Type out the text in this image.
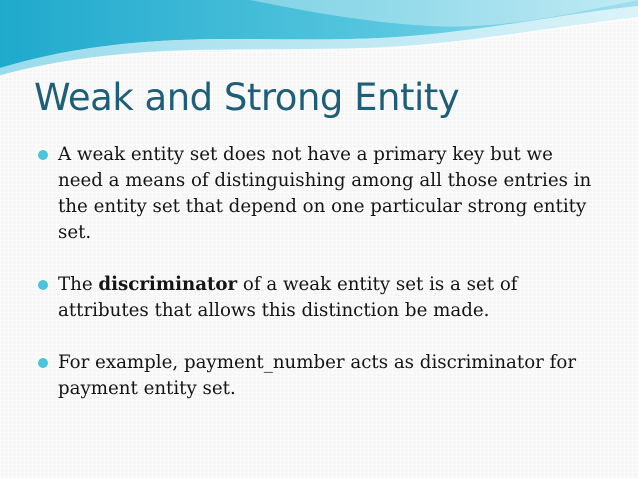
Weak and Strong Entity
A weak entity set does not have a primary key but we need a means of distinguishing among all those entries in the entity set that depend on one particular strong entity set.
The discriminator of a weak entity set is a set of attributes that allows this distinction be made.
For example, payment_number acts as discriminator for payment entity set.
